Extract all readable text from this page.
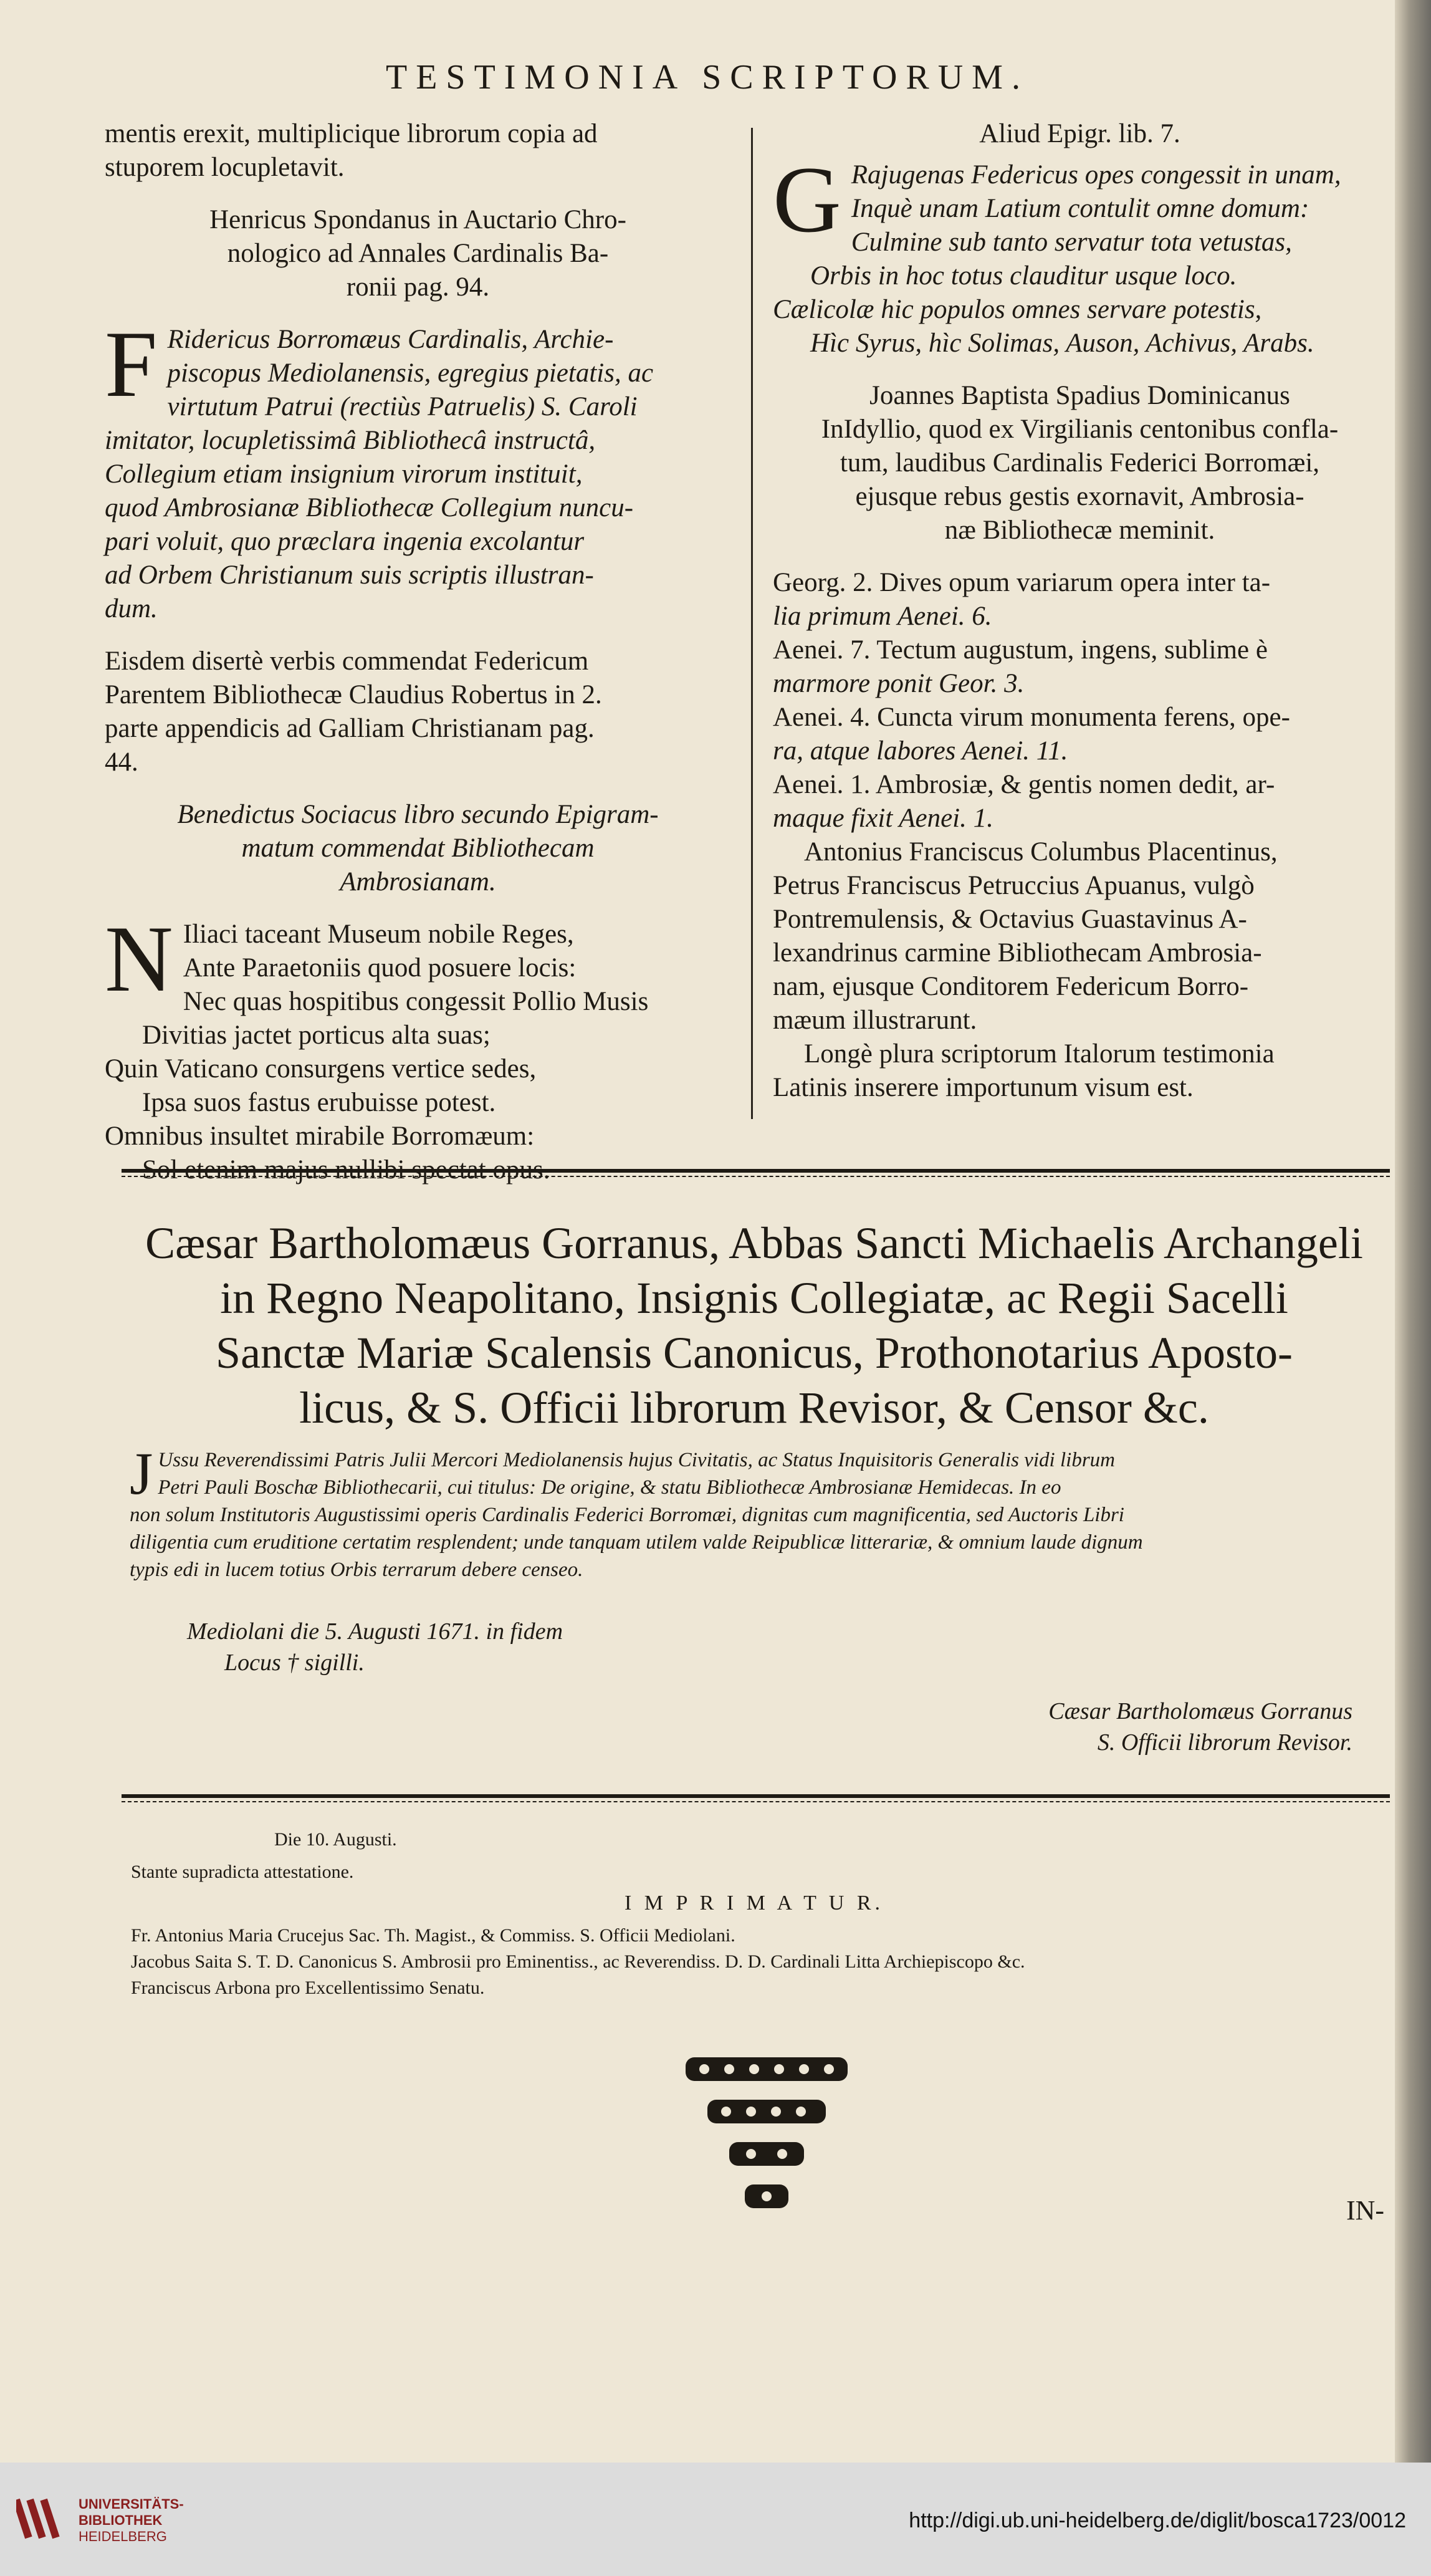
TESTIMONIA SCRIPTORUM.
mentis erexit, multiplicique librorum copia ad
stuporem locupletavit.
Henricus Spondanus in Auctario Chro-
nologico ad Annales Cardinalis Ba-
ronii pag. 94.
F Ridericus Borromæus Cardinalis, Archie-
piscopus Mediolanensis, egregius pietatis, ac
virtutum Patrui (rectiùs Patruelis) S. Caroli
imitator, locupletissimâ Bibliothecâ instructâ,
Collegium etiam insignium virorum instituit,
quod Ambrosianæ Bibliothecæ Collegium nuncu-
pari voluit, quo præclara ingenia excolantur
ad Orbem Christianum suis scriptis illustran-
dum.
Eisdem disertè verbis commendat Federicum
Parentem Bibliothecæ Claudius Robertus in 2.
parte appendicis ad Galliam Christianam pag.
44.
Benedictus Sociacus libro secundo Epigram-
matum commendat Bibliothecam
Ambrosianam.
N Iliaci taceant Museum nobile Reges,
Ante Paraetoniis quod posuere locis:
Nec quas hospitibus congessit Pollio Musis
Divitias jactet porticus alta suas;
Quin Vaticano consurgens vertice sedes,
Ipsa suos fastus erubuisse potest.
Omnibus insultet mirabile Borromæum:
Sol etenim majus nullibi spectat opus.
Aliud Epigr. lib. 7.
G Rajugenas Federicus opes congessit in unam,
Inquè unam Latium contulit omne domum:
Culmine sub tanto servatur tota vetustas,
Orbis in hoc totus clauditur usque loco.
Cælicolæ hic populos omnes servare potestis,
Hìc Syrus, hìc Solimas, Auson, Achivus, Arabs.
Joannes Baptista Spadius Dominicanus
InIdyllio, quod ex Virgilianis centonibus confla-
tum, laudibus Cardinalis Federici Borromæi,
ejusque rebus gestis exornavit, Ambrosia-
næ Bibliothecæ meminit.
Georg. 2. Dives opum variarum opera inter ta-
lia primum Aenei. 6.
Aenei. 7. Tectum augustum, ingens, sublime è
marmore ponit Geor. 3.
Aenei. 4. Cuncta virum monumenta ferens, ope-
ra, atque labores Aenei. 11.
Aenei. 1. Ambrosiæ, & gentis nomen dedit, ar-
maque fixit Aenei. 1.
Antonius Franciscus Columbus Placentinus,
Petrus Franciscus Petruccius Apuanus, vulgò
Pontremulensis, & Octavius Guastavinus A-
lexandrinus carmine Bibliothecam Ambrosia-
nam, ejusque Conditorem Federicum Borro-
mæum illustrarunt.
Longè plura scriptorum Italorum testimonia
Latinis inserere importunum visum est.
Cæsar Bartholomæus Gorranus, Abbas Sancti Michaelis Archangeli
in Regno Neapolitano, Insignis Collegiatæ, ac Regii Sacelli
Sanctæ Mariæ Scalensis Canonicus, Prothonotarius Aposto-
licus, & S. Officii librorum Revisor, & Censor &c.
J Ussu Reverendissimi Patris Julii Mercori Mediolanensis hujus Civitatis, ac Status Inquisitoris Generalis vidi librum
Petri Pauli Boschæ Bibliothecarii, cui titulus: De origine, & statu Bibliothecæ Ambrosianæ Hemidecas. In eo
non solum Institutoris Augustissimi operis Cardinalis Federici Borromæi, dignitas cum magnificentia, sed Auctoris Libri
diligentia cum eruditione certatim resplendent; unde tanquam utilem valde Reipublicæ litterariæ, & omnium laude dignum
typis edi in lucem totius Orbis terrarum debere censeo.
Mediolani die 5. Augusti 1671. in fidem
Locus † sigilli.
Cæsar Bartholomæus Gorranus
S. Officii librorum Revisor.
Die 10. Augusti.
Stante supradicta attestatione.
I M P R I M A T U R.
Fr. Antonius Maria Crucejus Sac. Th. Magist., & Commiss. S. Officii Mediolani.
Jacobus Saita S. T. D. Canonicus S. Ambrosii pro Eminentiss., ac Reverendiss. D. D. Cardinali Litta Archiepiscopo &c.
Franciscus Arbona pro Excellentissimo Senatu.
IN-
UNIVERSITÄTS-
BIBLIOTHEK
HEIDELBERG
http://digi.ub.uni-heidelberg.de/diglit/bosca1723/0012
